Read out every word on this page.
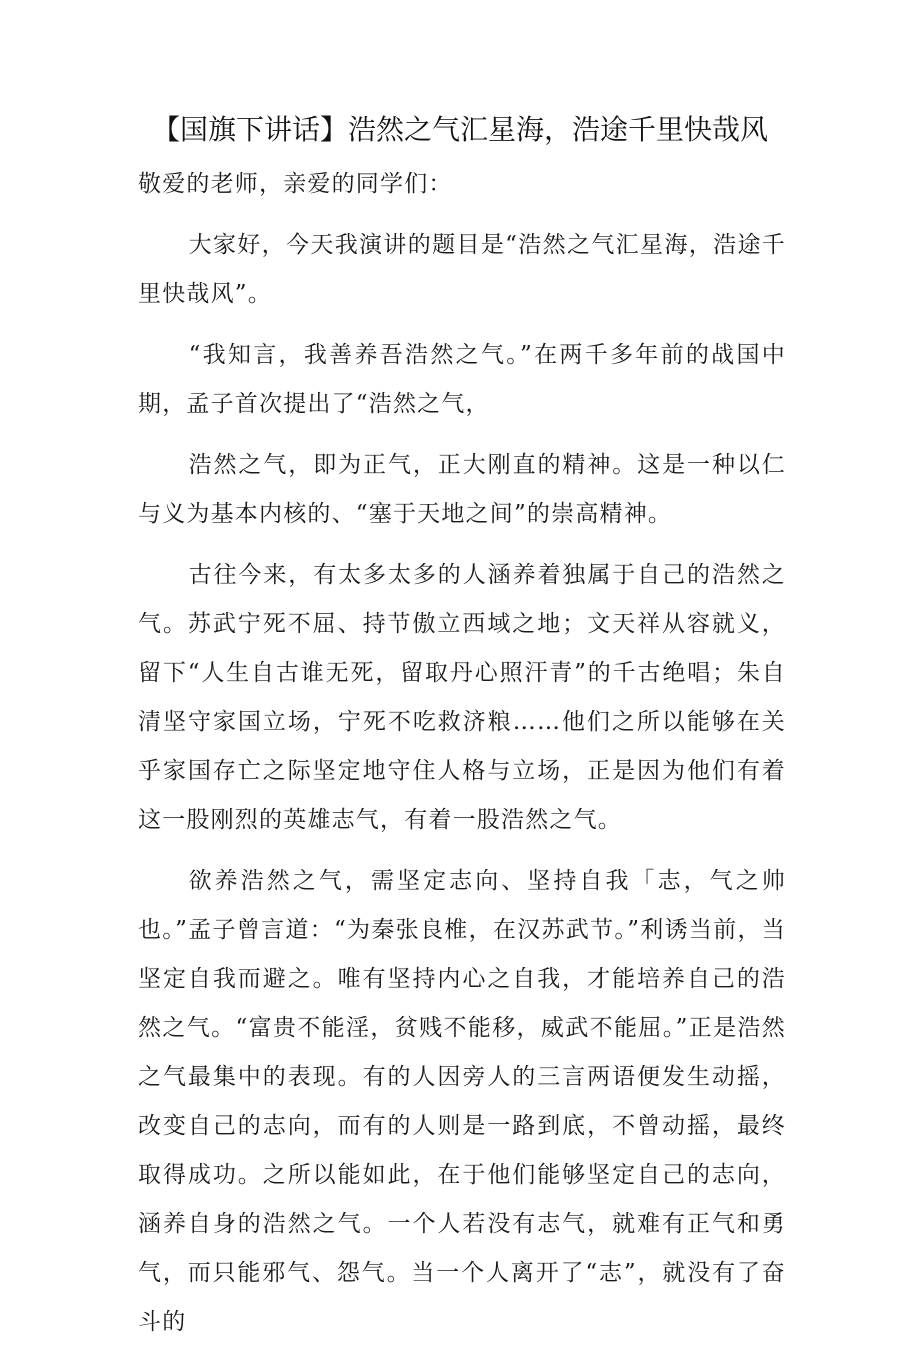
【国旗下讲话】浩然之气汇星海，浩途千里快哉风

敬爱的老师，亲爱的同学们：

大家好，今天我演讲的题目是“浩然之气汇星海，浩途千里快哉风”。

“我知言，我善养吾浩然之气。”在两千多年前的战国中期，孟子首次提出了“浩然之气，

浩然之气，即为正气，正大刚直的精神。这是一种以仁与义为基本内核的、“塞于天地之间”的崇高精神。

古往今来，有太多太多的人涵养着独属于自己的浩然之气。苏武宁死不屈、持节傲立西域之地；文天祥从容就义，留下“人生自古谁无死，留取丹心照汗青”的千古绝唱；朱自清坚守家国立场，宁死不吃救济粮……他们之所以能够在关乎家国存亡之际坚定地守住人格与立场，正是因为他们有着这一股刚烈的英雄志气，有着一股浩然之气。

欲养浩然之气，需坚定志向、坚持自我「志，气之帅也。”孟子曾言道：“为秦张良椎，在汉苏武节。”利诱当前，当坚定自我而避之。唯有坚持内心之自我，才能培养自己的浩然之气。“富贵不能淫，贫贱不能移，威武不能屈。”正是浩然之气最集中的表现。有的人因旁人的三言两语便发生动摇，改变自己的志向，而有的人则是一路到底，不曾动摇，最终取得成功。之所以能如此，在于他们能够坚定自己的志向，涵养自身的浩然之气。一个人若没有志气，就难有正气和勇气，而只能邪气、怨气。当一个人离开了“志”，就没有了奋斗的
